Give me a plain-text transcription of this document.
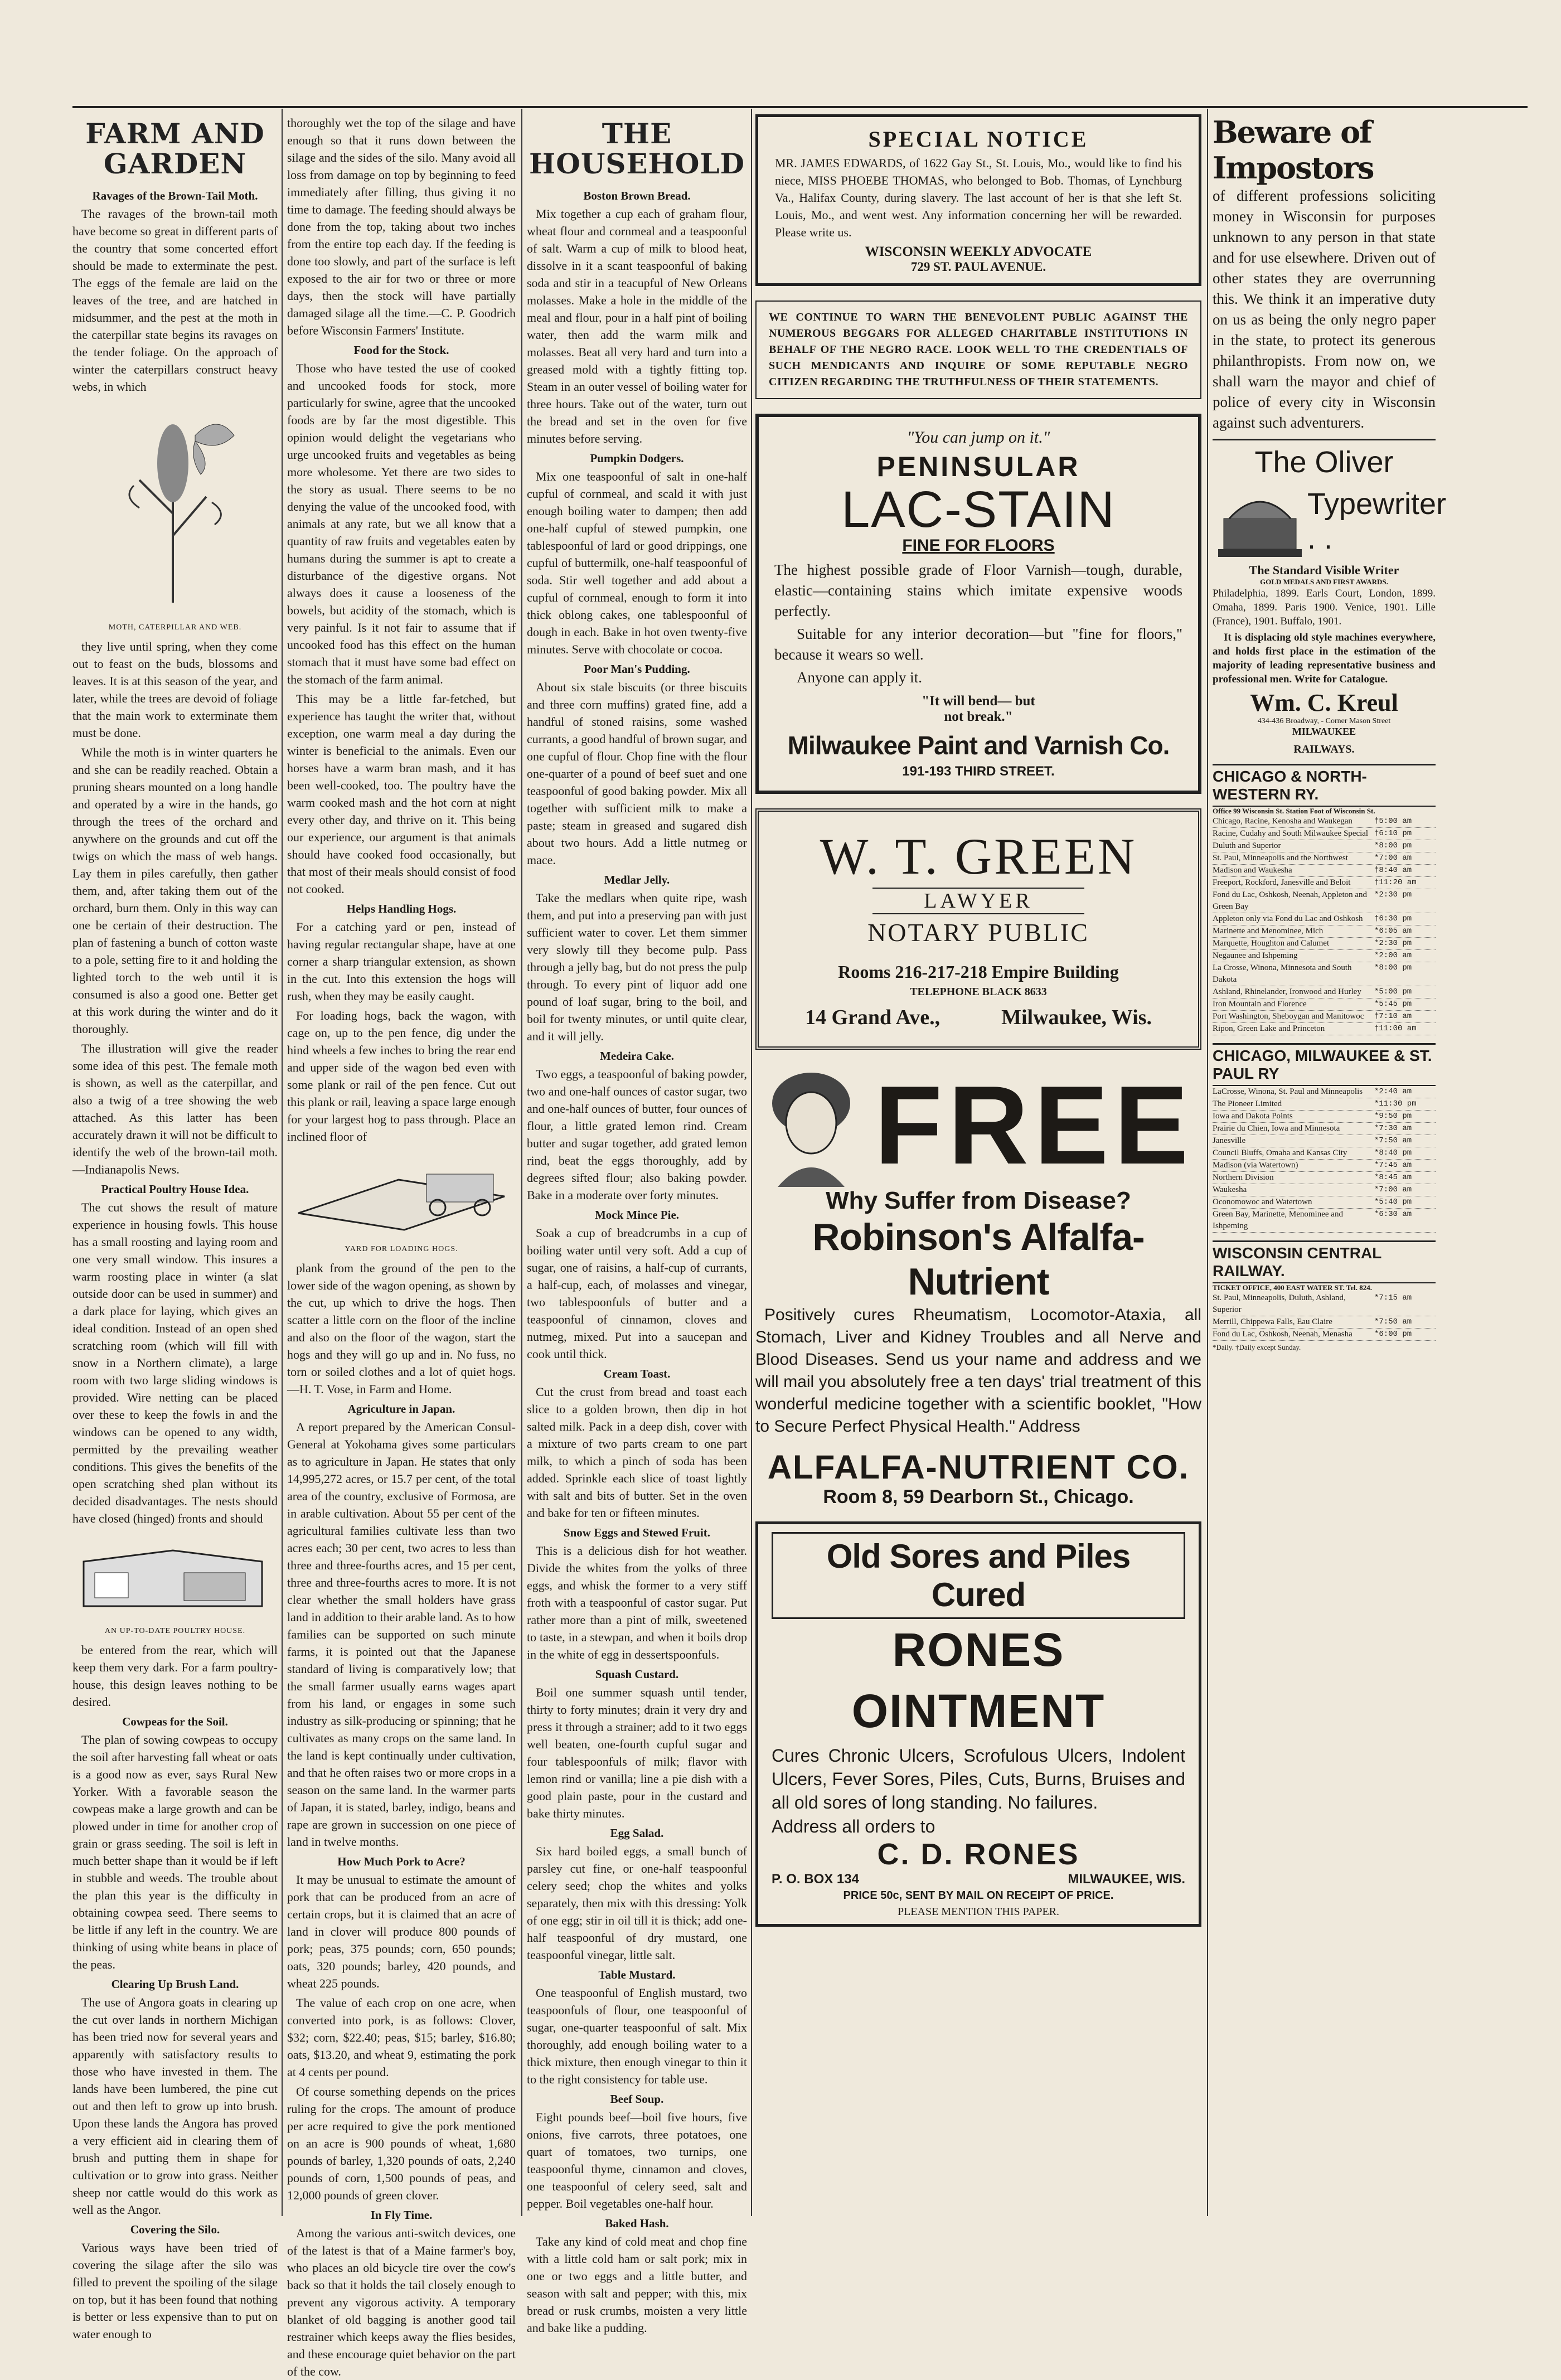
FARM AND GARDEN
Ravages of the Brown-Tail Moth.

The ravages of the brown-tail moth have become so great in different parts of the country that some concerted effort should be made to exterminate the pest. The eggs of the female are laid on the leaves of the tree, and are hatched in midsummer, and the pest at the moth in the caterpillar state begins its ravages on the tender foliage. On the approach of winter the caterpillars construct heavy webs, in which

MOTH, CATERPILLAR AND WEB.

they live until spring, when they come out to feast on the buds, blossoms and leaves. It is at this season of the year, and later, while the trees are devoid of foliage that the main work to exterminate them must be done.

While the moth is in winter quarters he and she can be readily reached. Obtain a pruning shears mounted on a long handle and operated by a wire in the hands, go through the trees of the orchard and anywhere on the grounds and cut off the twigs on which the mass of web hangs. Lay them in piles carefully, then gather them, and, after taking them out of the orchard, burn them. Only in this way can one be certain of their destruction. The plan of fastening a bunch of cotton waste to a pole, setting fire to it and holding the lighted torch to the web until it is consumed is also a good one. Better get at this work during the winter and do it thoroughly.

The illustration will give the reader some idea of this pest. The female moth is shown, as well as the caterpillar, and also a twig of a tree showing the web attached. As this latter has been accurately drawn it will not be difficult to identify the web of the brown-tail moth.—Indianapolis News.

Practical Poultry House Idea.

The cut shows the result of mature experience in housing fowls. This house has a small roosting and laying room and one very small window. This insures a warm roosting place in winter (a slat outside door can be used in summer) and a dark place for laying, which gives an ideal condition. Instead of an open shed scratching room (which will fill with snow in a Northern climate), a large room with two large sliding windows is provided. Wire netting can be placed over these to keep the fowls in and the windows can be opened to any width, permitted by the prevailing weather conditions. This gives the benefits of the open scratching shed plan without its decided disadvantages. The nests should have closed (hinged) fronts and should

AN UP-TO-DATE POULTRY HOUSE.

be entered from the rear, which will keep them very dark. For a farm poultry-house, this design leaves nothing to be desired.

Cowpeas for the Soil.

The plan of sowing cowpeas to occupy the soil after harvesting fall wheat or oats is a good now as ever, says Rural New Yorker. With a favorable season the cowpeas make a large growth and can be plowed under in time for another crop of grain or grass seeding. The soil is left in much better shape than it would be if left in stubble and weeds. The trouble about the plan this year is the difficulty in obtaining cowpea seed. There seems to be little if any left in the country. We are thinking of using white beans in place of the peas.

Clearing Up Brush Land.

The use of Angora goats in clearing up the cut over lands in northern Michigan has been tried now for several years and apparently with satisfactory results to those who have invested in them. The lands have been lumbered, the pine cut out and then left to grow up into brush. Upon these lands the Angora has proved a very efficient aid in clearing them of brush and putting them in shape for cultivation or to grow into grass. Neither sheep nor cattle would do this work as well as the Angor.

Covering the Silo.

Various ways have been tried of covering the silage after the silo was filled to prevent the spoiling of the silage on top, but it has been found that nothing is better or less expensive than to put on water enough to

thoroughly wet the top of the silage and have enough so that it runs down between the silage and the sides of the silo. Many avoid all loss from damage on top by beginning to feed immediately after filling, thus giving it no time to damage. The feeding should always be done from the top, taking about two inches from the entire top each day. If the feeding is done too slowly, and part of the surface is left exposed to the air for two or three or more days, then the stock will have partially damaged silage all the time.—C. P. Goodrich before Wisconsin Farmers' Institute.

Food for the Stock.

Those who have tested the use of cooked and uncooked foods for stock, more particularly for swine, agree that the uncooked foods are by far the most digestible. This opinion would delight the vegetarians who urge uncooked fruits and vegetables as being more wholesome. Yet there are two sides to the story as usual. There seems to be no denying the value of the uncooked food, with animals at any rate, but we all know that a quantity of raw fruits and vegetables eaten by humans during the summer is apt to create a disturbance of the digestive organs. Not always does it cause a looseness of the bowels, but acidity of the stomach, which is very painful. Is it not fair to assume that if uncooked food has this effect on the human stomach that it must have some bad effect on the stomach of the farm animal.

This may be a little far-fetched, but experience has taught the writer that, without exception, one warm meal a day during the winter is beneficial to the animals. Even our horses have a warm bran mash, and it has been well-cooked, too. The poultry have the warm cooked mash and the hot corn at night every other day, and thrive on it. This being our experience, our argument is that animals should have cooked food occasionally, but that most of their meals should consist of food not cooked.

Helps Handling Hogs.

For a catching yard or pen, instead of having regular rectangular shape, have at one corner a sharp triangular extension, as shown in the cut. Into this extension the hogs will rush, when they may be easily caught.

For loading hogs, back the wagon, with cage on, up to the pen fence, dig under the hind wheels a few inches to bring the rear end and upper side of the wagon bed even with some plank or rail of the pen fence. Cut out this plank or rail, leaving a space large enough for your largest hog to pass through. Place an inclined floor of

YARD FOR LOADING HOGS.

plank from the ground of the pen to the lower side of the wagon opening, as shown by the cut, up which to drive the hogs. Then scatter a little corn on the floor of the incline and also on the floor of the wagon, start the hogs and they will go up and in. No fuss, no torn or soiled clothes and a lot of quiet hogs.—H. T. Vose, in Farm and Home.

Agriculture in Japan.

A report prepared by the American Consul-General at Yokohama gives some particulars as to agriculture in Japan. He states that only 14,995,272 acres, or 15.7 per cent, of the total area of the country, exclusive of Formosa, are in arable cultivation. About 55 per cent of the agricultural families cultivate less than two acres each; 30 per cent, two acres to less than three and three-fourths acres, and 15 per cent, three and three-fourths acres to more. It is not clear whether the small holders have grass land in addition to their arable land. As to how families can be supported on such minute farms, it is pointed out that the Japanese standard of living is comparatively low; that the small farmer usually earns wages apart from his land, or engages in some such industry as silk-producing or spinning; that he cultivates as many crops on the same land. In the land is kept continually under cultivation, and that he often raises two or more crops in a season on the same land. In the warmer parts of Japan, it is stated, barley, indigo, beans and rape are grown in succession on one piece of land in twelve months.

How Much Pork to Acre?

It may be unusual to estimate the amount of pork that can be produced from an acre of certain crops, but it is claimed that an acre of land in clover will produce 800 pounds of pork; peas, 375 pounds; corn, 650 pounds; oats, 320 pounds; barley, 420 pounds, and wheat 225 pounds.

The value of each crop on one acre, when converted into pork, is as follows: Clover, $32; corn, $22.40; peas, $15; barley, $16.80; oats, $13.20, and wheat 9, estimating the pork at 4 cents per pound.

Of course something depends on the prices ruling for the crops. The amount of produce per acre required to give the pork mentioned on an acre is 900 pounds of wheat, 1,680 pounds of barley, 1,320 pounds of oats, 2,240 pounds of corn, 1,500 pounds of peas, and 12,000 pounds of green clover.

In Fly Time.

Among the various anti-switch devices, one of the latest is that of a Maine farmer's boy, who places an old bicycle tire over the cow's back so that it holds the tail closely enough to prevent any vigorous activity. A temporary blanket of old bagging is another good tail restrainer which keeps away the flies besides, and these encourage quiet behavior on the part of the cow.

THE HOUSEHOLD
Boston Brown Bread.

Mix together a cup each of graham flour, wheat flour and cornmeal and a teaspoonful of salt. Warm a cup of milk to blood heat, dissolve in it a scant teaspoonful of baking soda and stir in a teacupful of New Orleans molasses. Make a hole in the middle of the meal and flour, pour in a half pint of boiling water, then add the warm milk and molasses. Beat all very hard and turn into a greased mold with a tightly fitting top. Steam in an outer vessel of boiling water for three hours. Take out of the water, turn out the bread and set in the oven for five minutes before serving.

Pumpkin Dodgers.

Mix one teaspoonful of salt in one-half cupful of cornmeal, and scald it with just enough boiling water to dampen; then add one-half cupful of stewed pumpkin, one tablespoonful of lard or good drippings, one cupful of buttermilk, one-half teaspoonful of soda. Stir well together and add about a cupful of cornmeal, enough to form it into thick oblong cakes, one tablespoonful of dough in each. Bake in hot oven twenty-five minutes. Serve with chocolate or cocoa.

Poor Man's Pudding.

About six stale biscuits (or three biscuits and three corn muffins) grated fine, add a handful of stoned raisins, some washed currants, a good handful of brown sugar, and one cupful of flour. Chop fine with the flour one-quarter of a pound of beef suet and one teaspoonful of good baking powder. Mix all together with sufficient milk to make a paste; steam in greased and sugared dish about two hours. Add a little nutmeg or mace.

Medlar Jelly.

Take the medlars when quite ripe, wash them, and put into a preserving pan with just sufficient water to cover. Let them simmer very slowly till they become pulp. Pass through a jelly bag, but do not press the pulp through. To every pint of liquor add one pound of loaf sugar, bring to the boil, and boil for twenty minutes, or until quite clear, and it will jelly.

Medeira Cake.

Two eggs, a teaspoonful of baking powder, two and one-half ounces of castor sugar, two and one-half ounces of butter, four ounces of flour, a little grated lemon rind. Cream butter and sugar together, add grated lemon rind, beat the eggs thoroughly, add by degrees sifted flour; also baking powder. Bake in a moderate over forty minutes.

Mock Mince Pie.

Soak a cup of breadcrumbs in a cup of boiling water until very soft. Add a cup of sugar, one of raisins, a half-cup of currants, a half-cup, each, of molasses and vinegar, two tablespoonfuls of butter and a teaspoonful of cinnamon, cloves and nutmeg, mixed. Put into a saucepan and cook until thick.

Cream Toast.

Cut the crust from bread and toast each slice to a golden brown, then dip in hot salted milk. Pack in a deep dish, cover with a mixture of two parts cream to one part milk, to which a pinch of soda has been added. Sprinkle each slice of toast lightly with salt and bits of butter. Set in the oven and bake for ten or fifteen minutes.

Snow Eggs and Stewed Fruit.

This is a delicious dish for hot weather. Divide the whites from the yolks of three eggs, and whisk the former to a very stiff froth with a teaspoonful of castor sugar. Put rather more than a pint of milk, sweetened to taste, in a stewpan, and when it boils drop in the white of egg in dessertspoonfuls.

Squash Custard.

Boil one summer squash until tender, thirty to forty minutes; drain it very dry and press it through a strainer; add to it two eggs well beaten, one-fourth cupful sugar and four tablespoonfuls of milk; flavor with lemon rind or vanilla; line a pie dish with a good plain paste, pour in the custard and bake thirty minutes.

Egg Salad.

Six hard boiled eggs, a small bunch of parsley cut fine, or one-half teaspoonful celery seed; chop the whites and yolks separately, then mix with this dressing: Yolk of one egg; stir in oil till it is thick; add one-half teaspoonful of dry mustard, one teaspoonful vinegar, little salt.

Table Mustard.

One teaspoonful of English mustard, two teaspoonfuls of flour, one teaspoonful of sugar, one-quarter teaspoonful of salt. Mix thoroughly, add enough boiling water to a thick mixture, then enough vinegar to thin it to the right consistency for table use.

Beef Soup.

Eight pounds beef—boil five hours, five onions, five carrots, three potatoes, one quart of tomatoes, two turnips, one teaspoonful thyme, cinnamon and cloves, one teaspoonful of celery seed, salt and pepper. Boil vegetables one-half hour.

Baked Hash.

Take any kind of cold meat and chop fine with a little cold ham or salt pork; mix in one or two eggs and a little butter, and season with salt and pepper; with this, mix bread or rusk crumbs, moisten a very little and bake like a pudding.

SPECIAL NOTICE

MR. JAMES EDWARDS, of 1622 Gay St., St. Louis, Mo., would like to find his niece, MISS PHOEBE THOMAS, who belonged to Bob. Thomas, of Lynchburg Va., Halifax County, during slavery. The last account of her is that she left St. Louis, Mo., and went west. Any information concerning her will be rewarded. Please write us.

WISCONSIN WEEKLY ADVOCATE
729 ST. PAUL AVENUE.
WE CONTINUE TO WARN THE BENEVOLENT PUBLIC AGAINST THE NUMEROUS BEGGARS FOR ALLEGED CHARITABLE INSTITUTIONS IN BEHALF OF THE NEGRO RACE. LOOK WELL TO THE CREDENTIALS OF SUCH MENDICANTS AND INQUIRE OF SOME REPUTABLE NEGRO CITIZEN REGARDING THE TRUTHFULNESS OF THEIR STATEMENTS.
"You can jump on it."
PENINSULAR
LAC-STAIN
FINE FOR FLOORS

The highest possible grade of Floor Varnish—tough, durable, elastic—containing stains which imitate expensive woods perfectly.

Suitable for any interior decoration—but "fine for floors," because it wears so well.

Anyone can apply it.

"It will bend— but not break."
Milwaukee Paint and Varnish Co.
191-193 THIRD STREET.
W. T. GREEN
LAWYER
NOTARY PUBLIC
Rooms 216-217-218 Empire Building
TELEPHONE BLACK 8633
14 Grand Ave.,	Milwaukee, Wis.
FREE
Why Suffer from Disease?
Robinson's Alfalfa-Nutrient

Positively cures Rheumatism, Locomotor-Ataxia, all Stomach, Liver and Kidney Troubles and all Nerve and Blood Diseases. Send us your name and address and we will mail you absolutely free a ten days' trial treatment of this wonderful medicine together with a scientific booklet, "How to Secure Perfect Physical Health." Address

ALFALFA-NUTRIENT CO.
Room 8, 59 Dearborn St., Chicago.
Old Sores and Piles Cured
RONES OINTMENT

Cures Chronic Ulcers, Scrofulous Ulcers, Indolent Ulcers, Fever Sores, Piles, Cuts, Burns, Bruises and all old sores of long standing. No failures.

Address all orders to
C. D. RONES
P. O. BOX 134	MILWAUKEE, WIS.
PRICE 50c, SENT BY MAIL ON RECEIPT OF PRICE.
PLEASE MENTION THIS PAPER.
Beware of Impostors

of different professions soliciting money in Wisconsin for purposes unknown to any person in that state and for use elsewhere. Driven out of other states they are overrunning this. We think it an imperative duty on us as being the only negro paper in the state, to protect its generous philanthropists. From now on, we shall warn the mayor and chief of police of every city in Wisconsin against such adventurers.

The Oliver
Typewriter . .
The Standard Visible Writer
GOLD MEDALS AND FIRST AWARDS.

Philadelphia, 1899. Earls Court, London, 1899. Omaha, 1899. Paris 1900. Venice, 1901. Lille (France), 1901. Buffalo, 1901.

It is displacing old style machines everywhere, and holds first place in the estimation of the majority of leading representative business and professional men. Write for Catalogue.

Wm. C. Kreul
434-436 Broadway, - Corner Mason Street
MILWAUKEE
RAILWAYS.
CHICAGO & NORTH-WESTERN RY.
Office 99 Wisconsin St. Station Foot of Wisconsin St.
Chicago, Racine, Kenosha and Waukegan	†5:00 am
Racine, Cudahy and South Milwaukee Special †6:10 pm
Duluth and Superior	*8:00 pm
St. Paul, Minneapolis and the Northwest	*7:00 am
Madison and Waukesha	†8:40 am
Freeport, Rockford, Janesville and Beloit	†11:20 am
Fond du Lac, Oshkosh, Neenah, Appleton and Green Bay
*2:30 pm
Appleton only via Fond du Lac and Oshkosh	†6:30 pm
Marinette and Menominee, Mich	*6:05 am
Marquette, Houghton and Calumet	*2:30 pm
Negaunee and Ishpeming	*2:00 am
La Crosse, Winona, Minnesota and South Dakota
*8:00 pm
Ashland, Rhinelander, Ironwood and Hurley	*5:00 pm
Iron Mountain and Florence	*5:45 pm
Port Washington, Sheboygan and Manitowoc	†7:10 am
Ripon, Green Lake and Princeton	†11:00 am
CHICAGO, MILWAUKEE & ST. PAUL RY
LaCrosse, Winona, St. Paul and Minneapolis	*2:40 am
The Pioneer Limited	*11:30 pm
Iowa and Dakota Points	*9:50 pm
Prairie du Chien, Iowa and Minnesota	*7:30 am
Janesville	*7:50 am
Council Bluffs, Omaha and Kansas City	*8:40 pm
Madison (via Watertown)	*7:45 am
Northern Division	*8:45 am
Waukesha	*7:00 am
Oconomowoc and Watertown	*5:40 pm
Green Bay, Marinette, Menominee and Ishpeming
*6:30 am
WISCONSIN CENTRAL RAILWAY.
TICKET OFFICE, 400 EAST WATER ST. Tel. 824.
St. Paul, Minneapolis, Duluth, Ashland, Superior
*7:15 am
Merrill, Chippewa Falls, Eau Claire	*7:50 am
Fond du Lac, Oshkosh, Neenah, Menasha	*6:00 pm
*Daily. †Daily except Sunday.
